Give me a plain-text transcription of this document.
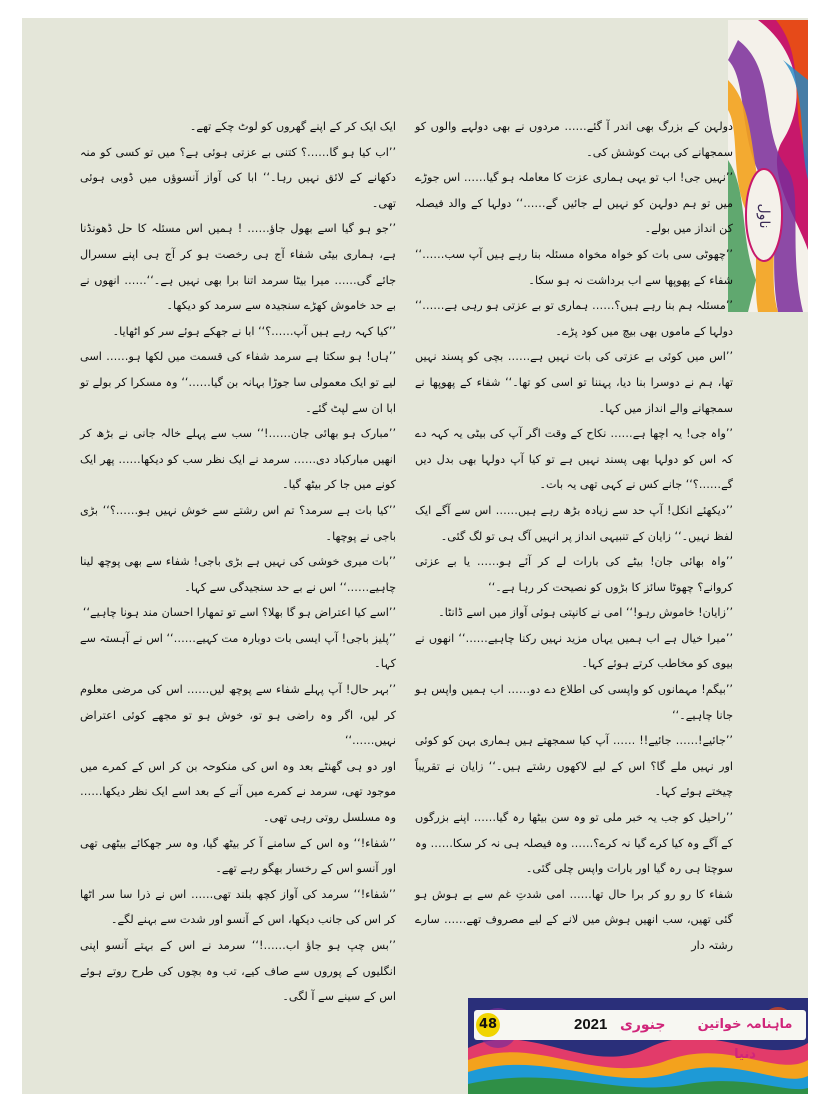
ناول

دولہن کے بزرگ بھی اندر آ گئے…… مردوں نے بھی دولہے والوں کو سمجھانے کی بہت کوشش کی۔

’’نہیں جی! اب تو یہی ہماری عزت کا معاملہ ہو گیا…… اس جوڑے میں تو ہم دولہن کو نہیں لے جائیں گے……‘‘ دولہا کے والد فیصلہ کن انداز میں بولے۔

’’چھوٹی سی بات کو خواہ مخواہ مسئلہ بنا رہے ہیں آپ سب……‘‘ شفاء کے پھوپھا سے اب برداشت نہ ہو سکا۔

’’مسئلہ ہم بنا رہے ہیں؟…… ہماری تو بے عزتی ہو رہی ہے……‘‘ دولہا کے ماموں بھی بیچ میں کود پڑے۔

’’اس میں کوئی بے عزتی کی بات نہیں ہے…… بچی کو پسند نہیں تھا، ہم نے دوسرا بنا دیا، پہننا تو اسی کو تھا۔‘‘ شفاء کے پھوپھا نے سمجھانے والے انداز میں کہا۔

’’واہ جی! یہ اچھا ہے…… نکاح کے وقت اگر آپ کی بیٹی یہ کہہ دے کہ اس کو دولہا بھی پسند نہیں ہے تو کیا آپ دولہا بھی بدل دیں گے……؟‘‘ جانے کس نے کہی تھی یہ بات۔

’’دیکھئے انکل! آپ حد سے زیادہ بڑھ رہے ہیں…… اس سے آگے ایک لفظ نہیں۔‘‘ زایان کے تنبیہی انداز پر انہیں آگ ہی تو لگ گئی۔

’’واہ بھائی جان! بیٹے کی بارات لے کر آئے ہو…… یا بے عزتی کروانے؟ چھوٹا سائز کا بڑوں کو نصیحت کر رہا ہے۔‘‘

’’زایان! خاموش رہو!‘‘ امی نے کانپتی ہوئی آواز میں اسے ڈانٹا۔

’’میرا خیال ہے اب ہمیں یہاں مزید نہیں رکنا چاہیے……‘‘ انھوں نے بیوی کو مخاطب کرتے ہوئے کہا۔

’’بیگم! مہمانوں کو واپسی کی اطلاع دے دو…… اب ہمیں واپس ہو جانا چاہیے۔‘‘

’’جائیے!…… جائیے!! …… آپ کیا سمجھتے ہیں ہماری بہن کو کوئی اور نہیں ملے گا؟ اس کے لیے لاکھوں رشتے ہیں۔‘‘ زایان نے تقریباً چیختے ہوئے کہا۔

’’راحیل کو جب یہ خبر ملی تو وہ سن بیٹھا رہ گیا…… اپنے بزرگوں کے آگے وہ کیا کرے گیا نہ کرے؟…… وہ فیصلہ ہی نہ کر سکا…… وہ سوچتا ہی رہ گیا اور بارات واپس چلی گئی۔

شفاء کا رو رو کر برا حال تھا…… امی شدتِ غم سے بے ہوش ہو گئی تھیں، سب انھیں ہوش میں لانے کے لیے مصروف تھے…… سارے رشتہ دار

ایک ایک کر کے اپنے گھروں کو لوٹ چکے تھے۔

’’اب کیا ہو گا……؟ کتنی بے عزتی ہوئی ہے؟ میں تو کسی کو منہ دکھانے کے لائق نہیں رہا۔‘‘ ابا کی آواز آنسوؤں میں ڈوبی ہوئی تھی۔

’’جو ہو گیا اسے بھول جاؤ…… ! ہمیں اس مسئلہ کا حل ڈھونڈنا ہے، ہماری بیٹی شفاء آج ہی رخصت ہو کر آج ہی اپنے سسرال جائے گی…… میرا بیٹا سرمد اتنا برا بھی نہیں ہے۔‘‘…… انھوں نے بے حد خاموش کھڑے سنجیدہ سے سرمد کو دیکھا۔

’’کیا کہہ رہے ہیں آپ……؟‘‘ ابا نے جھکے ہوئے سر کو اٹھایا۔

’’ہاں! ہو سکتا ہے سرمد شفاء کی قسمت میں لکھا ہو…… اسی لیے تو ایک معمولی سا جوڑا بہانہ بن گیا……‘‘ وہ مسکرا کر بولے تو ابا ان سے لپٹ گئے۔

’’مبارک ہو بھائی جان……!‘‘ سب سے پہلے خالہ جانی نے بڑھ کر انھیں مبارکباد دی…… سرمد نے ایک نظر سب کو دیکھا…… پھر ایک کونے میں جا کر بیٹھ گیا۔

’’کیا بات ہے سرمد؟ تم اس رشتے سے خوش نہیں ہو……؟‘‘ بڑی باجی نے پوچھا۔

’’بات میری خوشی کی نہیں ہے بڑی باجی! شفاء سے بھی پوچھ لینا چاہیے……‘‘ اس نے بے حد سنجیدگی سے کہا۔

’’اسے کیا اعتراض ہو گا بھلا؟ اسے تو تمھارا احسان مند ہونا چاہیے‘‘

’’پلیز باجی! آپ ایسی بات دوبارہ مت کہیے……‘‘ اس نے آہستہ سے کہا۔

’’بہر حال! آپ پہلے شفاء سے پوچھ لیں…… اس کی مرضی معلوم کر لیں، اگر وہ راضی ہو تو، خوش ہو تو مجھے کوئی اعتراض نہیں……‘‘

اور دو ہی گھنٹے بعد وہ اس کی منکوحہ بن کر اس کے کمرے میں موجود تھی، سرمد نے کمرے میں آنے کے بعد اسے ایک نظر دیکھا…… وہ مسلسل روتی رہی تھی۔

’’شفاء!‘‘ وہ اس کے سامنے آ کر بیٹھ گیا، وہ سر جھکائے بیٹھی تھی اور آنسو اس کے رخسار بھگو رہے تھے۔

’’شفاء!‘‘ سرمد کی آواز کچھ بلند تھی…… اس نے ذرا سا سر اٹھا کر اس کی جانب دیکھا، اس کے آنسو اور شدت سے بہنے لگے۔

’’بس چپ ہو جاؤ اب……!‘‘ سرمد نے اس کے بہتے آنسو اپنی انگلیوں کے پوروں سے صاف کیے، تب وہ بچوں کی طرح روتے ہوئے اس کے سینے سے آ لگی۔

48	2021 جنوری	ماہنامہ خواتین دنیا
